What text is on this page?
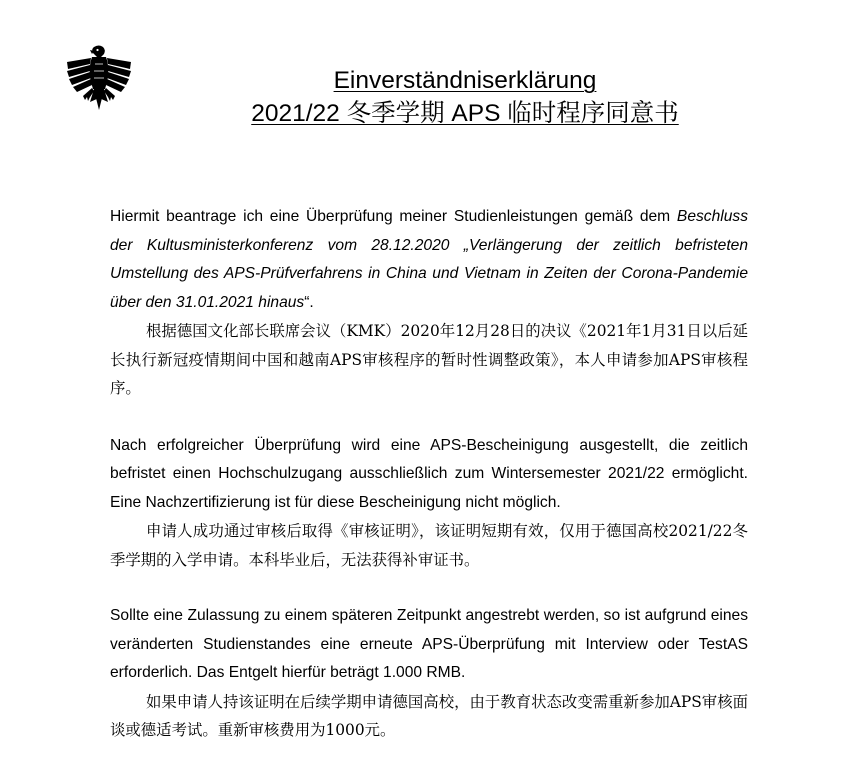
Einverständniserklärung
2021/22 冬季学期 APS 临时程序同意书

Hiermit beantrage ich eine Überprüfung meiner Studienleistungen gemäß dem Beschluss der Kultusministerkonferenz vom 28.12.2020 „Verlängerung der zeitlich befristeten Umstellung des APS-Prüfverfahrens in China und Vietnam in Zeiten der Corona-Pandemie über den 31.01.2021 hinaus“.

根据德国文化部长联席会议（KMK）2020年12月28日的决议《2021年1月31日以后延长执行新冠疫情期间中国和越南APS审核程序的暂时性调整政策》，本人申请参加APS审核程序。

Nach erfolgreicher Überprüfung wird eine APS-Bescheinigung ausgestellt, die zeitlich befristet einen Hochschulzugang ausschließlich zum Wintersemester 2021/22 ermöglicht. Eine Nachzertifizierung ist für diese Bescheinigung nicht möglich.

申请人成功通过审核后取得《审核证明》，该证明短期有效，仅用于德国高校2021/22冬季学期的入学申请。本科毕业后，无法获得补审证书。

Sollte eine Zulassung zu einem späteren Zeitpunkt angestrebt werden, so ist aufgrund eines veränderten Studienstandes eine erneute APS-Überprüfung mit Interview oder TestAS erforderlich. Das Entgelt hierfür beträgt 1.000 RMB.

如果申请人持该证明在后续学期申请德国高校，由于教育状态改变需重新参加APS审核面谈或德适考试。重新审核费用为1000元。
